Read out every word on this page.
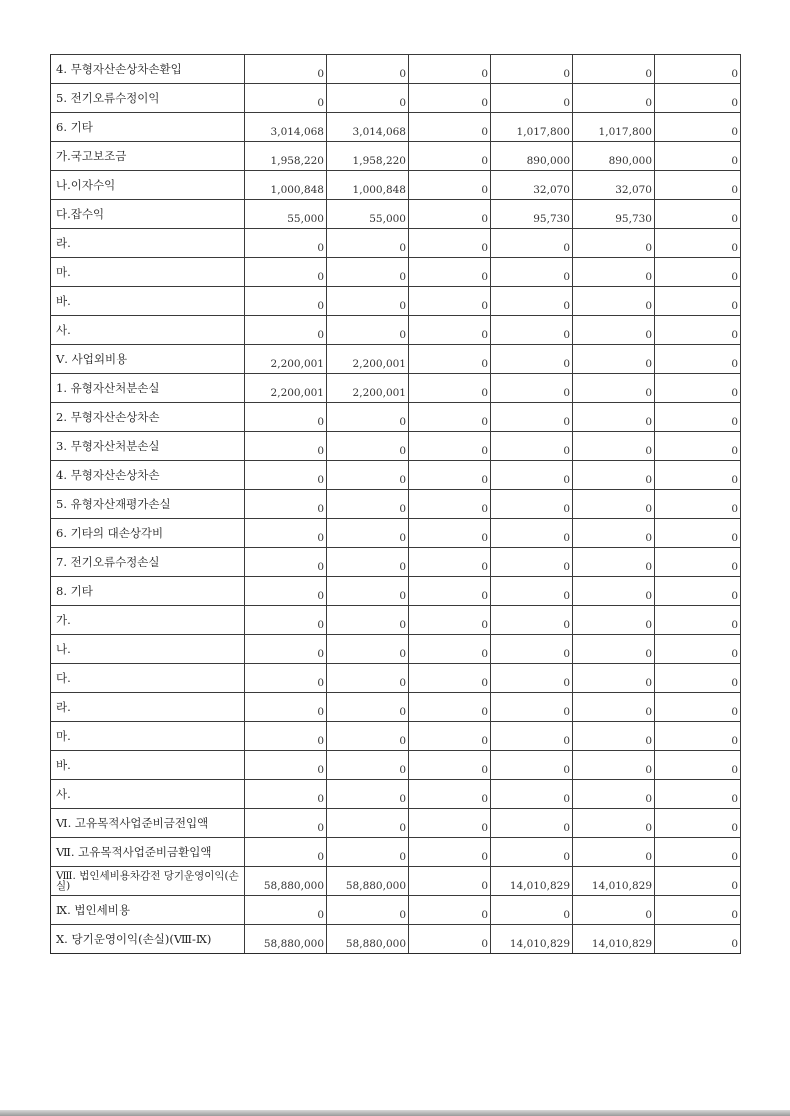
4. 무형자산손상차손환입	0	0	0	0	0	0
5. 전기오류수정이익	0	0	0	0	0	0
6. 기타	3,014,068	3,014,068	0	1,017,800	1,017,800	0
가.국고보조금	1,958,220	1,958,220	0	890,000	890,000	0
나.이자수익	1,000,848	1,000,848	0	32,070	32,070	0
다.잡수익	55,000	55,000	0	95,730	95,730	0
라.	0	0	0	0	0	0
마.	0	0	0	0	0	0
바.	0	0	0	0	0	0
사.	0	0	0	0	0	0
Ⅴ. 사업외비용	2,200,001	2,200,001	0	0	0	0
1. 유형자산처분손실	2,200,001	2,200,001	0	0	0	0
2. 무형자산손상차손	0	0	0	0	0	0
3. 무형자산처분손실	0	0	0	0	0	0
4. 무형자산손상차손	0	0	0	0	0	0
5. 유형자산재평가손실	0	0	0	0	0	0
6. 기타의 대손상각비	0	0	0	0	0	0
7. 전기오류수정손실	0	0	0	0	0	0
8. 기타	0	0	0	0	0	0
가.	0	0	0	0	0	0
나.	0	0	0	0	0	0
다.	0	0	0	0	0	0
라.	0	0	0	0	0	0
마.	0	0	0	0	0	0
바.	0	0	0	0	0	0
사.	0	0	0	0	0	0
Ⅵ. 고유목적사업준비금전입액	0	0	0	0	0	0
Ⅶ. 고유목적사업준비금환입액	0	0	0	0	0	0
Ⅷ. 법인세비용차감전 당기운영이익(손실)	58,880,000	58,880,000	0	14,010,829	14,010,829	0
Ⅸ. 법인세비용	0	0	0	0	0	0
Ⅹ. 당기운영이익(손실)(Ⅷ-Ⅸ)	58,880,000	58,880,000	0	14,010,829	14,010,829	0
